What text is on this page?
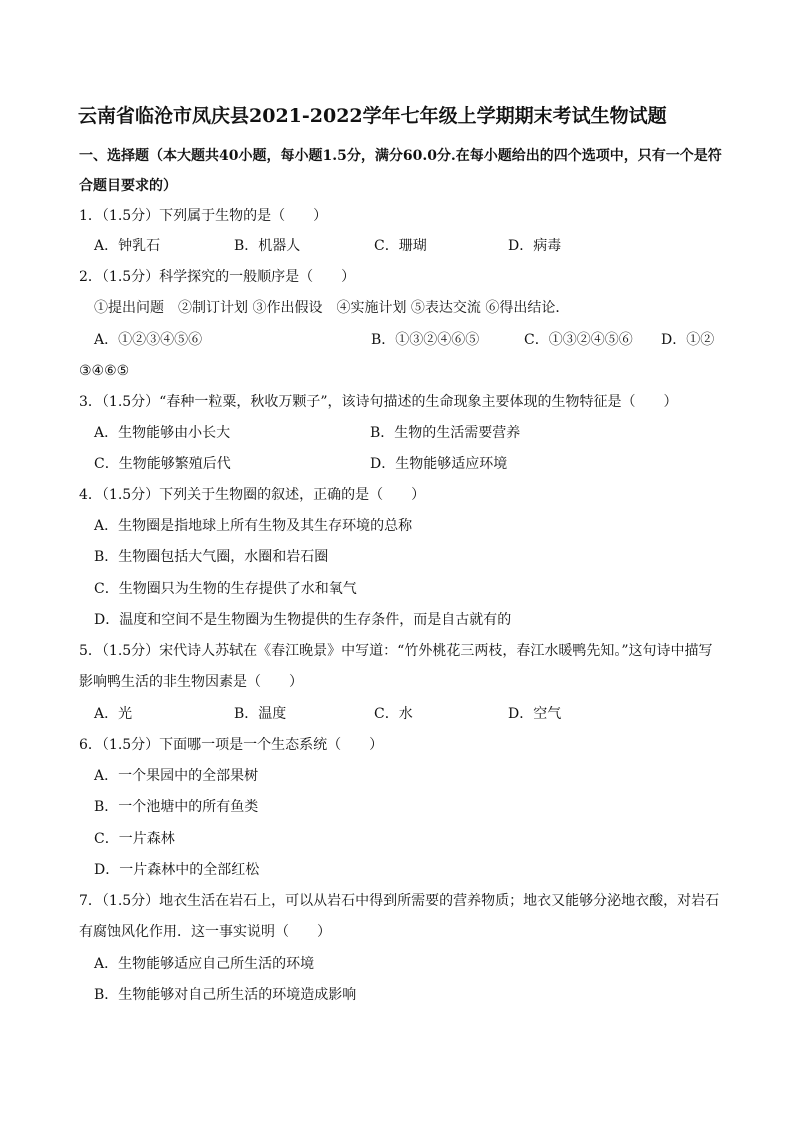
云南省临沧市凤庆县2021-2022学年七年级上学期期末考试生物试题
一、选择题（本大题共40小题，每小题1.5分，满分60.0分.在每小题给出的四个选项中，只有一个是符
合题目要求的）
1．（1.5分）下列属于生物的是（　　）
A．钟乳石	B．机器人	C．珊瑚	D．病毒
2．（1.5分）科学探究的一般顺序是（　　）
①提出问题　②制订计划 ③作出假设　④实施计划 ⑤表达交流 ⑥得出结论．
A．①②③④⑤⑥	B．①③②④⑥⑤	C．①③②④⑤⑥ D．①②
③④⑥⑤
3．（1.5分）“春种一粒粟，秋收万颗子”，该诗句描述的生命现象主要体现的生物特征是（　　）
A．生物能够由小长大	B．生物的生活需要营养
C．生物能够繁殖后代	D．生物能够适应环境
4．（1.5分）下列关于生物圈的叙述，正确的是（　　）
A．生物圈是指地球上所有生物及其生存环境的总称
B．生物圈包括大气圈，水圈和岩石圈
C．生物圈只为生物的生存提供了水和氧气
D．温度和空间不是生物圈为生物提供的生存条件，而是自古就有的
5．（1.5分）宋代诗人苏轼在《春江晚景》中写道：“竹外桃花三两枝，春江水暖鸭先知。”这句诗中描写
影响鸭生活的非生物因素是（　　）
A．光	B．温度	C．水	D．空气
6．（1.5分）下面哪一项是一个生态系统（　　）
A．一个果园中的全部果树
B．一个池塘中的所有鱼类
C．一片森林
D．一片森林中的全部红松
7．（1.5分）地衣生活在岩石上，可以从岩石中得到所需要的营养物质；地衣又能够分泌地衣酸，对岩石
有腐蚀风化作用．这一事实说明（　　）
A．生物能够适应自己所生活的环境
B．生物能够对自己所生活的环境造成影响
